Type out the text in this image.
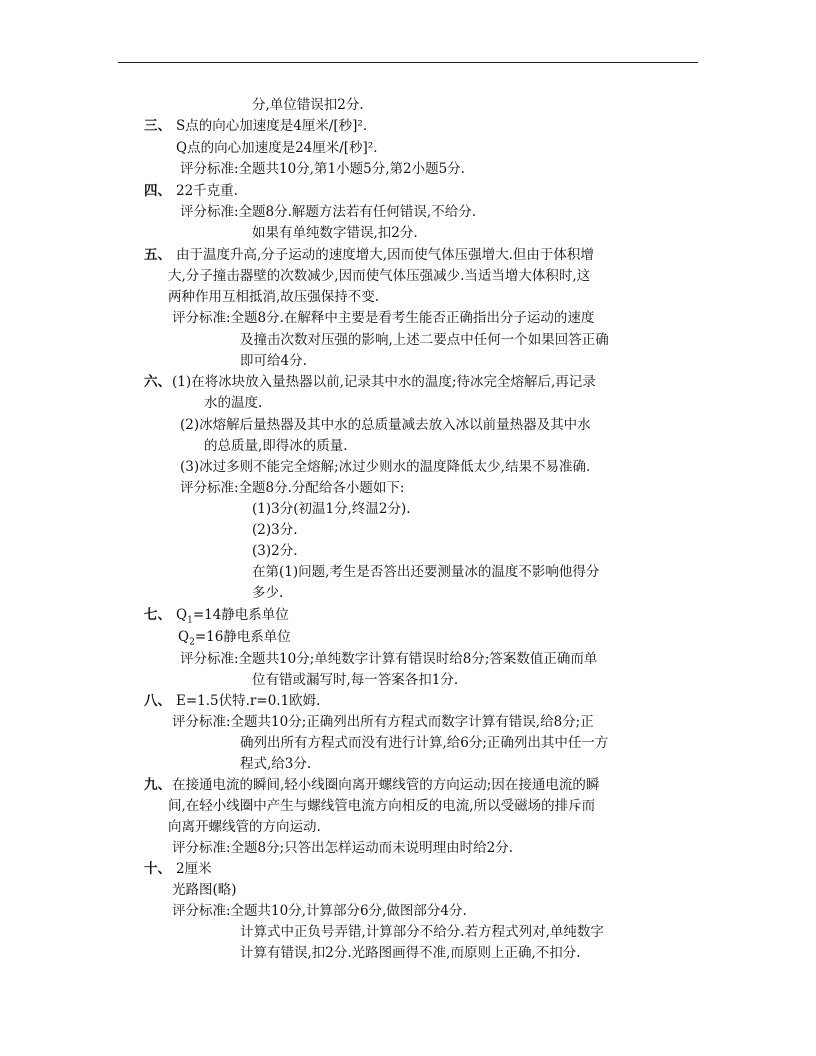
分,单位错误扣2分.
三、 S点的向心加速度是4厘米/[秒]²．
Q点的向心加速度是24厘米/[秒]²．
评分标准:全题共10分,第1小题5分,第2小题5分.
四、 22千克重.
评分标准:全题8分.解题方法若有任何错误,不给分.
如果有单纯数字错误,扣2分.
五、 由于温度升高,分子运动的速度增大,因而使气体压强增大.但由于体积增
大,分子撞击器壁的次数减少,因而使气体压强减少.当适当增大体积时,这
两种作用互相抵消,故压强保持不变.
评分标准:全题8分.在解释中主要是看考生能否正确指出分子运动的速度
及撞击次数对压强的影响,上述二要点中任何一个如果回答正确
即可给4分.
六、 (1)在将冰块放入量热器以前,记录其中水的温度;待冰完全熔解后,再记录
水的温度.
(2)冰熔解后量热器及其中水的总质量减去放入冰以前量热器及其中水
的总质量,即得冰的质量.
(3)冰过多则不能完全熔解;冰过少则水的温度降低太少,结果不易准确.
评分标准:全题8分.分配给各小题如下:
(1)3分(初温1分,终温2分).
(2)3分.
(3)2分.
在第(1)问题,考生是否答出还要测量冰的温度不影响他得分
多少.
七、 $Q_1=14$静电系单位
$Q_2=16$静电系单位
评分标准:全题共10分;单纯数字计算有错误时给8分;答案数值正确而单
位有错或漏写时,每一答案各扣1分.
八、 E=1.5伏特.r=0.1欧姆.
评分标准:全题共10分;正确列出所有方程式而数字计算有错误,给8分;正
确列出所有方程式而没有进行计算,给6分;正确列出其中任一方
程式,给3分.
九、 在接通电流的瞬间,轻小线圈向离开螺线管的方向运动;因在接通电流的瞬
间,在轻小线圈中产生与螺线管电流方向相反的电流,所以受磁场的排斥而
向离开螺线管的方向运动.
评分标准:全题8分;只答出怎样运动而未说明理由时给2分.
十、 2厘米
光路图(略)
评分标准:全题共10分,计算部分6分,做图部分4分.
计算式中正负号弄错,计算部分不给分.若方程式列对,单纯数字
计算有错误,扣2分.光路图画得不准,而原则上正确,不扣分.
